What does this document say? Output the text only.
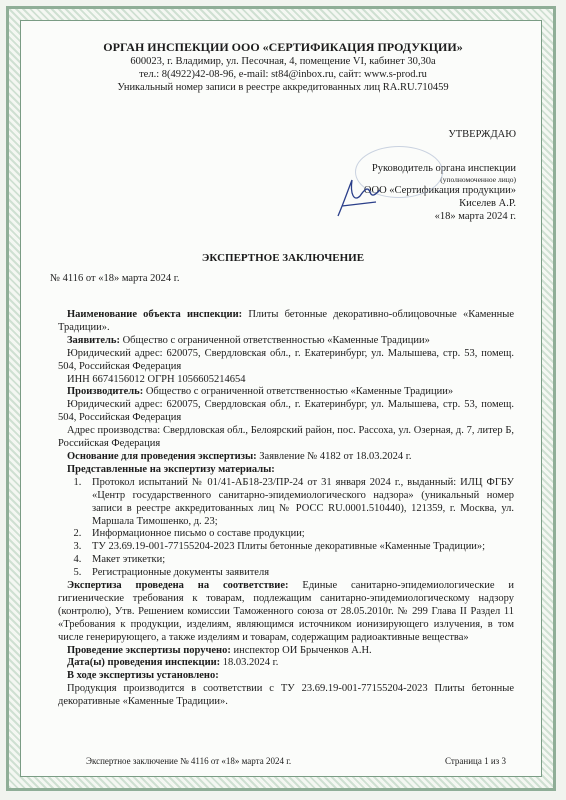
ОРГАН ИНСПЕКЦИИ ООО «СЕРТИФИКАЦИЯ ПРОДУКЦИИ»
600023, г. Владимир, ул. Песочная, 4, помещение VI, кабинет 30,30а
тел.: 8(4922)42-08-96, e-mail: st84@inbox.ru, сайт: www.s-prod.ru
Уникальный номер записи в реестре аккредитованных лиц RA.RU.710459
УТВЕРЖДАЮ
Руководитель органа инспекции
(уполномоченное лицо)
ООО «Сертификация продукции»
Киселев А.Р.
«18» марта 2024 г.
ЭКСПЕРТНОЕ ЗАКЛЮЧЕНИЕ
№ 4116 от «18» марта 2024 г.

Наименование объекта инспекции: Плиты бетонные декоративно-облицовочные «Каменные Традиции».

Заявитель: Общество с ограниченной ответственностью «Каменные Традиции»

Юридический адрес: 620075, Свердловская обл., г. Екатеринбург, ул. Малышева, стр. 53, помещ. 504, Российская Федерация

ИНН 6674156012 ОГРН 1056605214654

Производитель: Общество с ограниченной ответственностью «Каменные Традиции»

Юридический адрес: 620075, Свердловская обл., г. Екатеринбург, ул. Малышева, стр. 53, помещ. 504, Российская Федерация

Адрес производства: Свердловская обл., Белоярский район, пос. Рассоха, ул. Озерная, д. 7, литер Б, Российская Федерация

Основание для проведения экспертизы: Заявление № 4182 от 18.03.2024 г.

Представленные на экспертизу материалы:

1. Протокол испытаний № 01/41-АБ18-23/ПР-24 от 31 января 2024 г., выданный: ИЛЦ ФГБУ «Центр государственного санитарно-эпидемиологического надзора» (уникальный номер записи в реестре аккредитованных лиц № РОСС RU.0001.510440), 121359, г. Москва, ул. Маршала Тимошенко, д. 23;
2. Информационное письмо о составе продукции;
3. ТУ 23.69.19-001-77155204-2023 Плиты бетонные декоративные «Каменные Традиции»;
4. Макет этикетки;
5. Регистрационные документы заявителя

Экспертиза проведена на соответствие: Единые санитарно-эпидемиологические и гигиенические требования к товарам, подлежащим санитарно-эпидемиологическому надзору (контролю), Утв. Решением комиссии Таможенного союза от 28.05.2010г. № 299 Глава II Раздел 11 «Требования к продукции, изделиям, являющимся источником ионизирующего излучения, в том числе генерирующего, а также изделиям и товарам, содержащим радиоактивные вещества»

Проведение экспертизы поручено: инспектор ОИ Брыченков А.Н.

Дата(ы) проведения инспекции: 18.03.2024 г.

В ходе экспертизы установлено:

Продукция производится в соответствии с ТУ 23.69.19-001-77155204-2023 Плиты бетонные декоративные «Каменные Традиции».

Экспертное заключение № 4116 от «18» марта 2024 г.	Страница 1 из 3
